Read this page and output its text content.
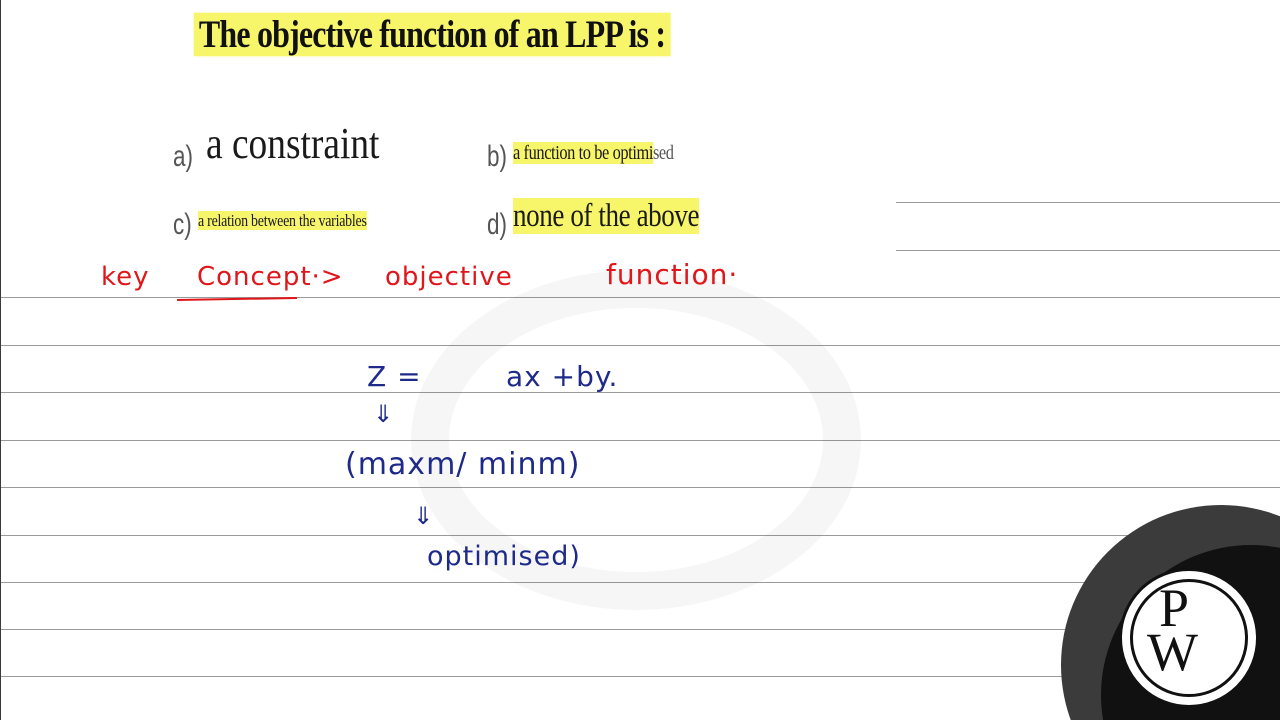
The objective function of an LPP is :
a) a constraint	b) a function to be optimised
c) a relation between the variables	d) none of the above
key Concept·> objective	function·
Z =	ax +by.
⇓
(maxm/ minm)
⇓
optimised)
P
W
